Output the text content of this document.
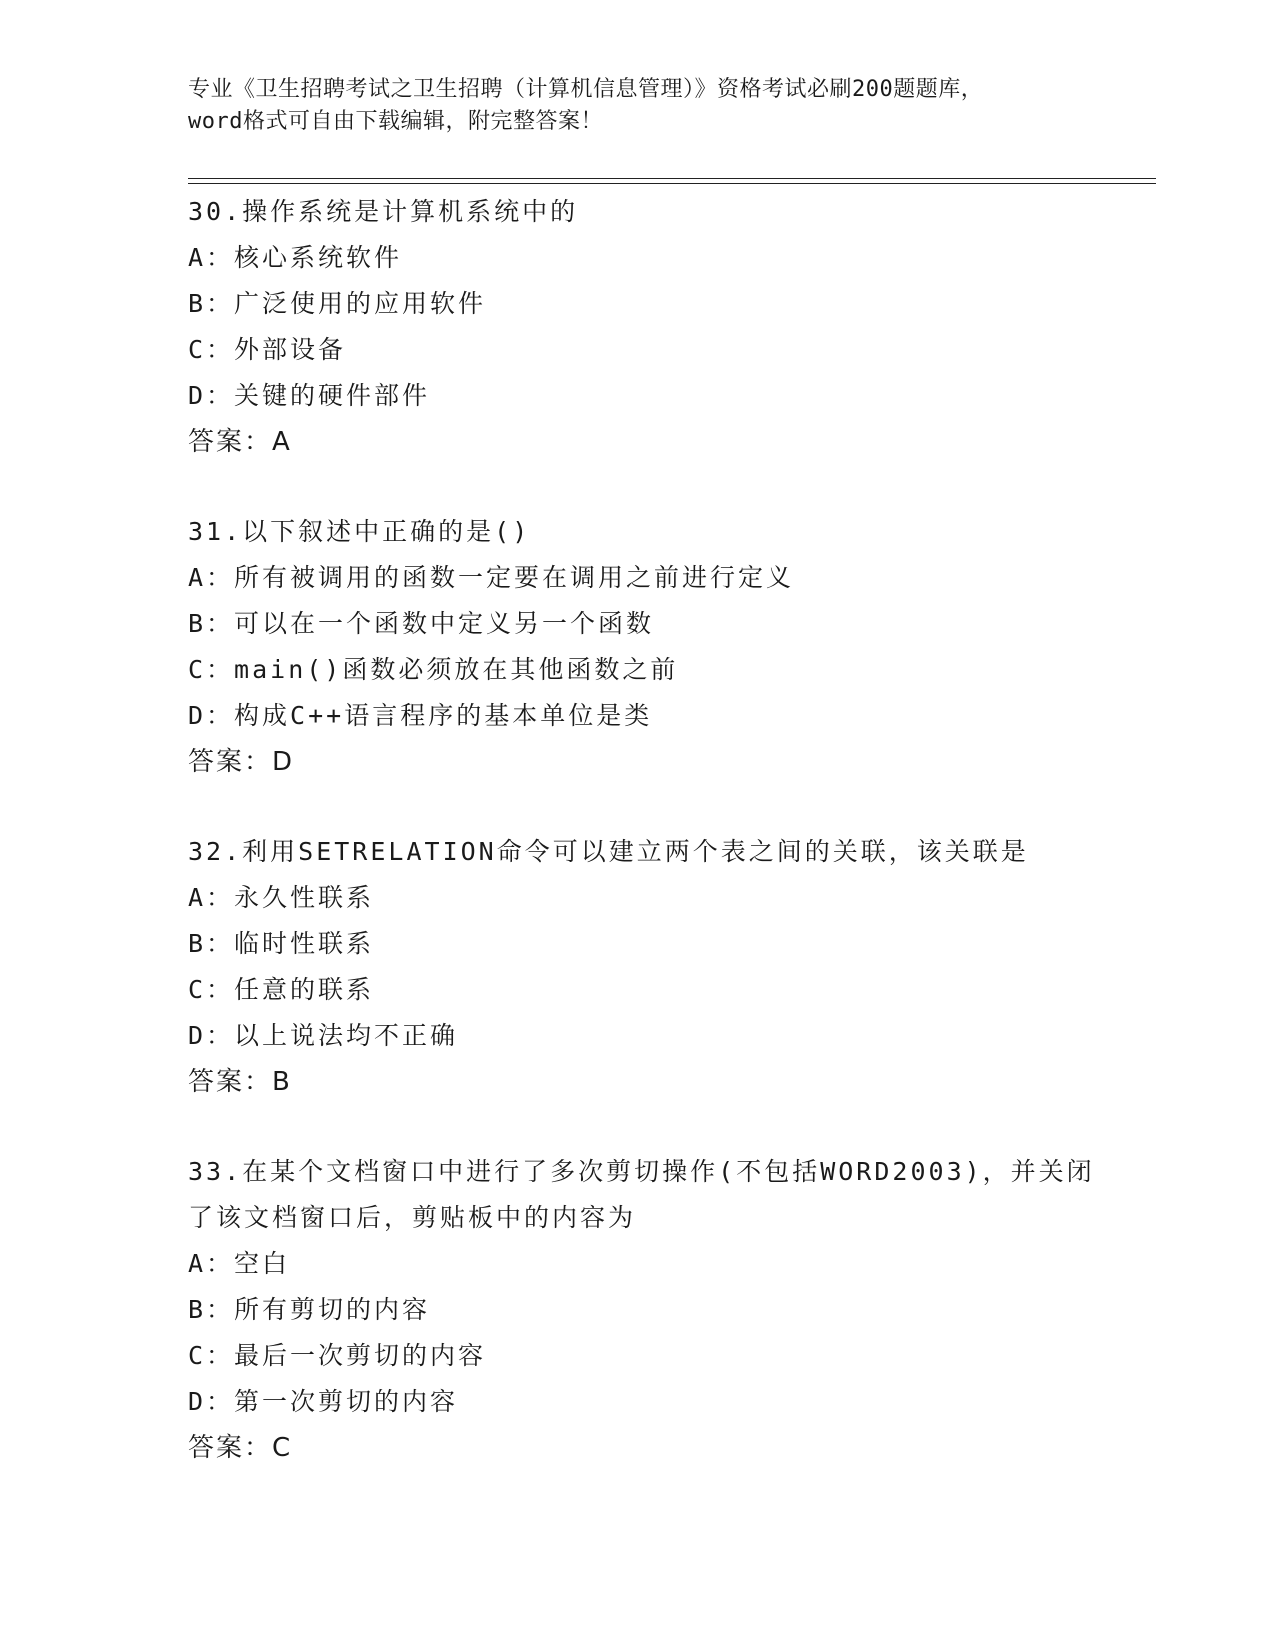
专业《卫生招聘考试之卫生招聘（计算机信息管理）》资格考试必刷200题题库，
word格式可自由下载编辑，附完整答案！
30.操作系统是计算机系统中的
A：核心系统软件
B：广泛使用的应用软件
C：外部设备
D：关键的硬件部件
答案：A
31.以下叙述中正确的是()
A：所有被调用的函数一定要在调用之前进行定义
B：可以在一个函数中定义另一个函数
C：main()函数必须放在其他函数之前
D：构成C++语言程序的基本单位是类
答案：D
32.利用SETRELATION命令可以建立两个表之间的关联，该关联是
A：永久性联系
B：临时性联系
C：任意的联系
D：以上说法均不正确
答案：B
33.在某个文档窗口中进行了多次剪切操作(不包括WORD2003)，并关闭了该文档窗口后，剪贴板中的内容为
A：空白
B：所有剪切的内容
C：最后一次剪切的内容
D：第一次剪切的内容
答案：C
